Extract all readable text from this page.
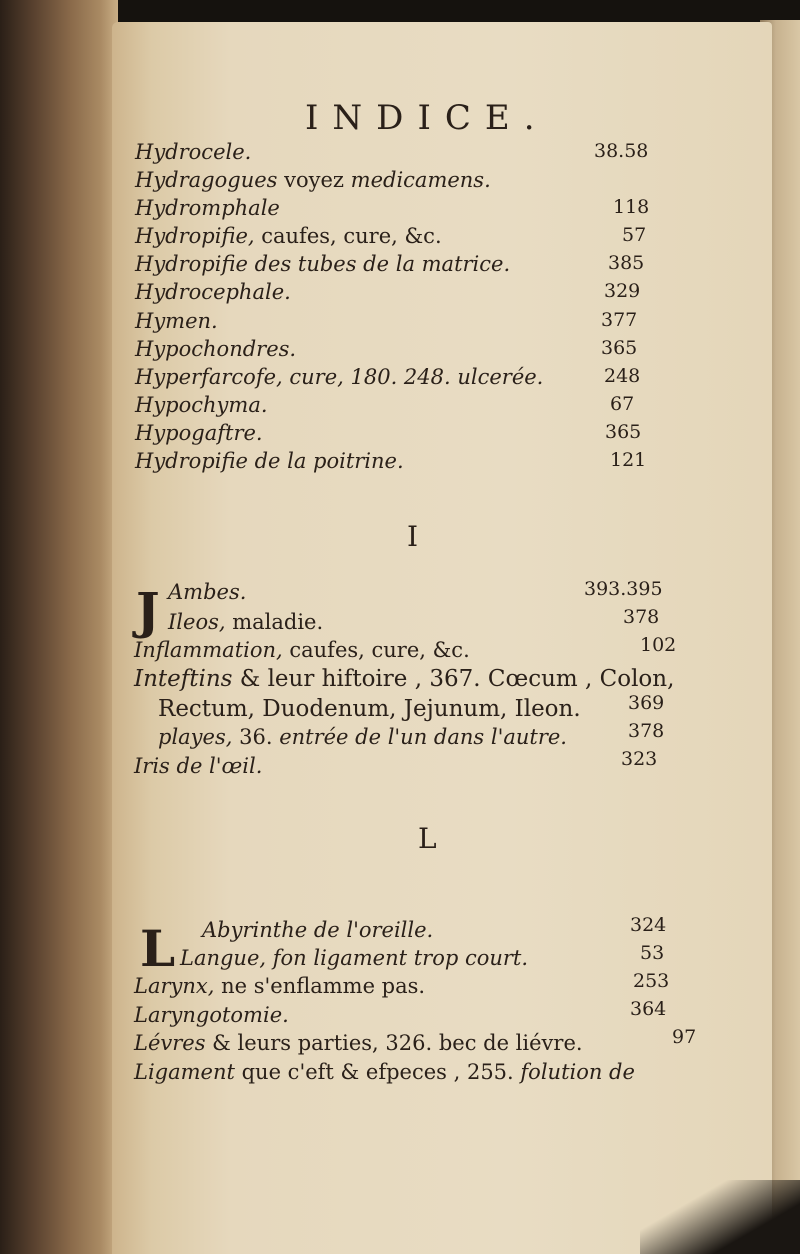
INDICE.
Hydrocele.	38.58
Hydragogues voyez medicamens.
Hydromphale	118
Hydropifie, caufes, cure, &c.	57
Hydropifie des tubes de la matrice.	385
Hydrocephale.	329
Hymen.	377
Hypochondres.	365
Hyperfarcofe, cure, 180. 248. ulcerée.	248
Hypochyma.	67
Hypogaftre.	365
Hydropifie de la poitrine.	121
I
J Ambes.	393.395
Ileos, maladie.	378
Inflammation, caufes, cure, &c.	102
Inteftins & leur hiftoire , 367. Cœcum , Colon,
Rectum, Duodenum, Jejunum, Ileon. 369
playes, 36. entrée de l'un dans l'autre.	378
Iris de l'œil.	323
L
L Abyrinthe de l'oreille.	324
Langue, fon ligament trop court.	53
Larynx, ne s'enflamme pas.	253
Laryngotomie.	364
Lévres & leurs parties, 326. bec de liévre.	97
Ligament que c'eft & efpeces , 255. folution de
